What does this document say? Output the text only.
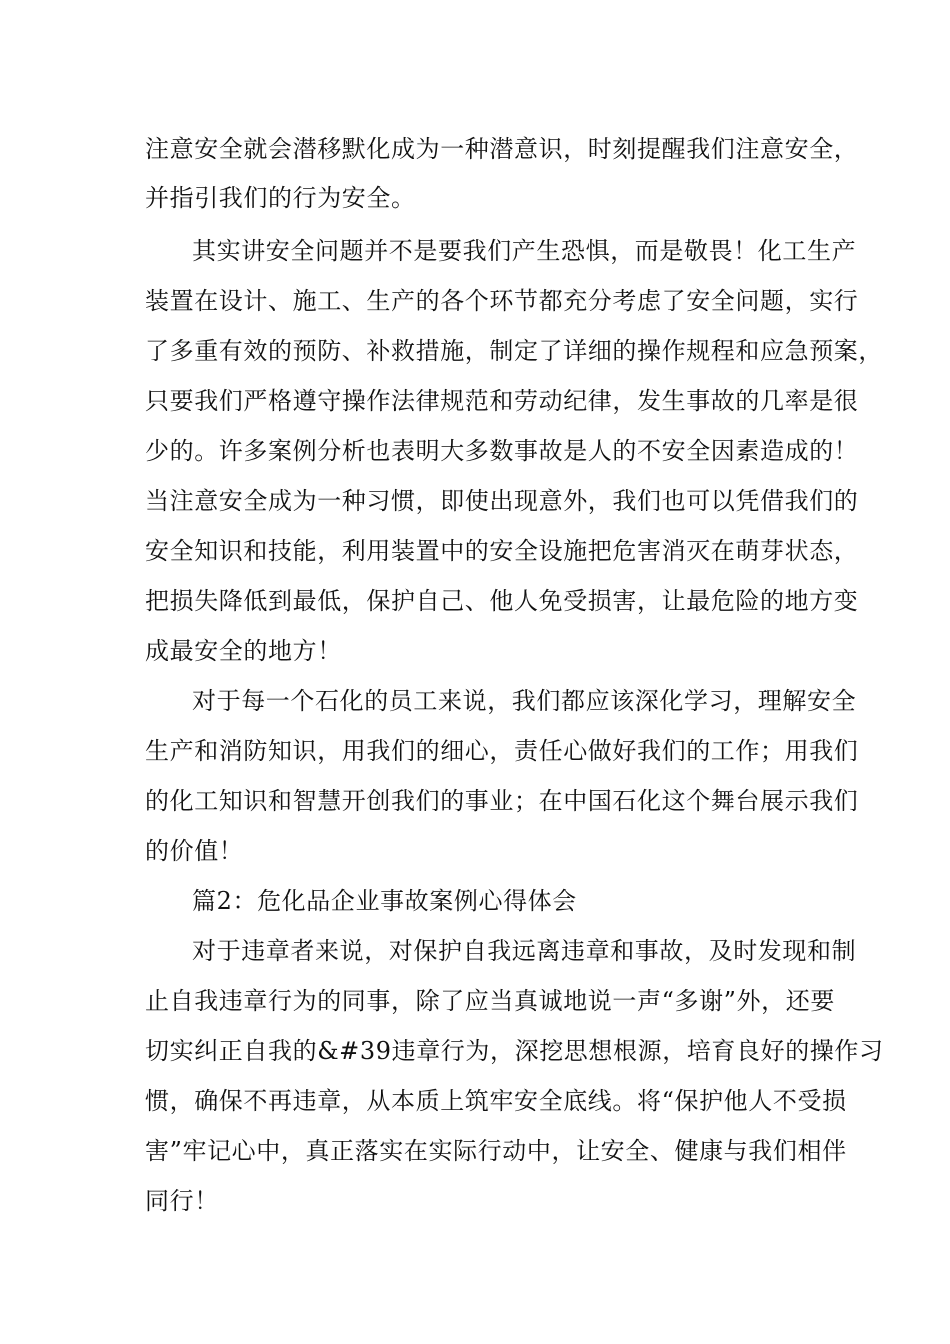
注意安全就会潜移默化成为一种潜意识，时刻提醒我们注意安全，
并指引我们的行为安全。
其实讲安全问题并不是要我们产生恐惧，而是敬畏！化工生产
装置在设计、施工、生产的各个环节都充分考虑了安全问题，实行
了多重有效的预防、补救措施，制定了详细的操作规程和应急预案，
只要我们严格遵守操作法律规范和劳动纪律，发生事故的几率是很
少的。许多案例分析也表明大多数事故是人的不安全因素造成的！
当注意安全成为一种习惯，即使出现意外，我们也可以凭借我们的
安全知识和技能，利用装置中的安全设施把危害消灭在萌芽状态，
把损失降低到最低，保护自己、他人免受损害，让最危险的地方变
成最安全的地方！
对于每一个石化的员工来说，我们都应该深化学习，理解安全
生产和消防知识，用我们的细心，责任心做好我们的工作；用我们
的化工知识和智慧开创我们的事业；在中国石化这个舞台展示我们
的价值！
篇2：危化品企业事故案例心得体会
对于违章者来说，对保护自我远离违章和事故，及时发现和制
止自我违章行为的同事，除了应当真诚地说一声“多谢”外，还要
切实纠正自我的&#39违章行为，深挖思想根源，培育良好的操作习
惯，确保不再违章，从本质上筑牢安全底线。将“保护他人不受损
害”牢记心中，真正落实在实际行动中，让安全、健康与我们相伴
同行！
